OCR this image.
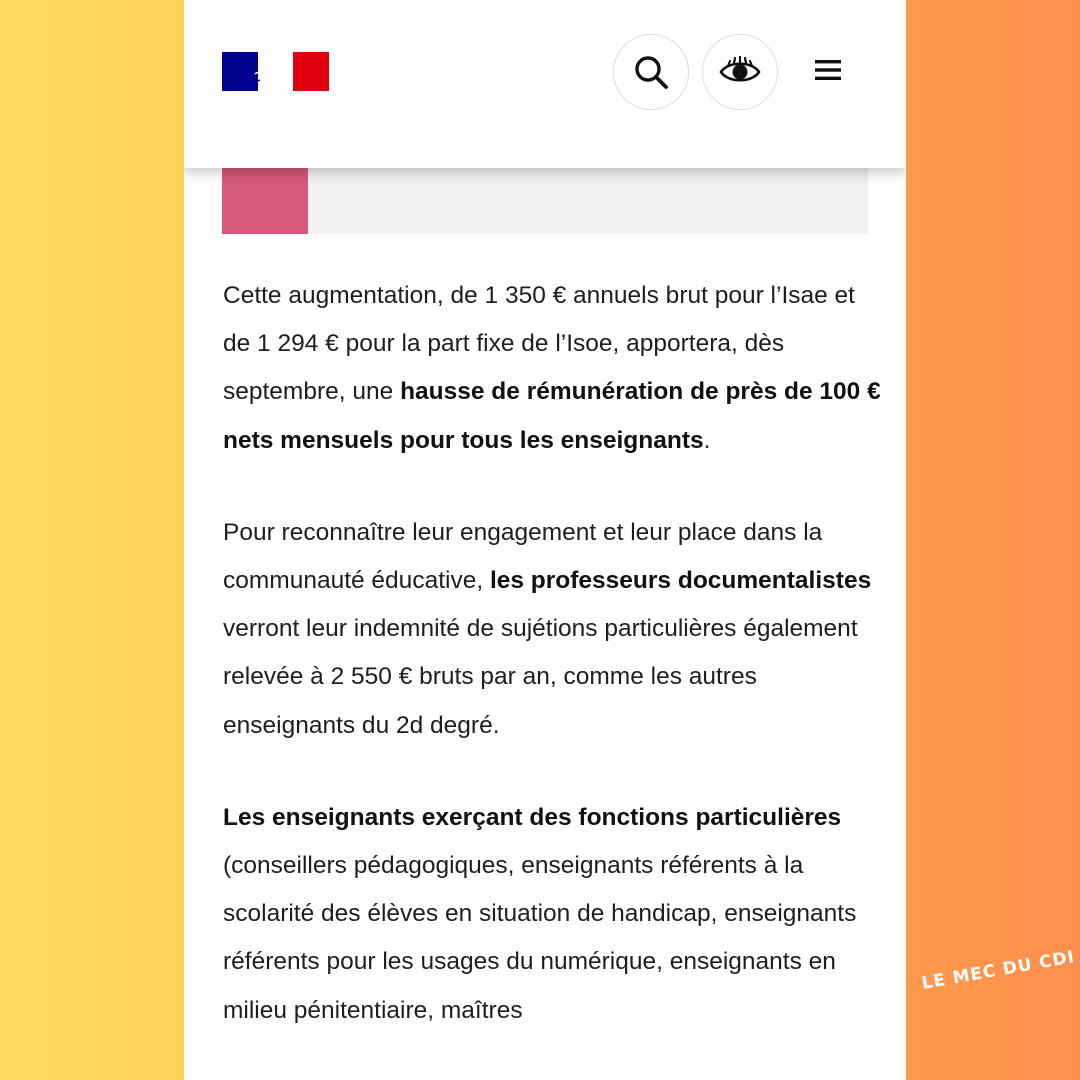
Cette augmentation, de 1 350 € annuels brut pour l’Isae et de 1 294 € pour la part fixe de l’Isoe, apportera, dès septembre, une hausse de rémunération de près de 100 € nets mensuels pour tous les enseignants.

Pour reconnaître leur engagement et leur place dans la communauté éducative, les professeurs documentalistes verront leur indemnité de sujétions particulières également relevée à 2 550 € bruts par an, comme les autres enseignants du 2d degré.

Les enseignants exerçant des fonctions particulières (conseillers pédagogiques, enseignants référents à la scolarité des élèves en situation de handicap, enseignants référents pour les usages du numérique, enseignants en milieu pénitentiaire, maîtres

LE MEC DU CDI
